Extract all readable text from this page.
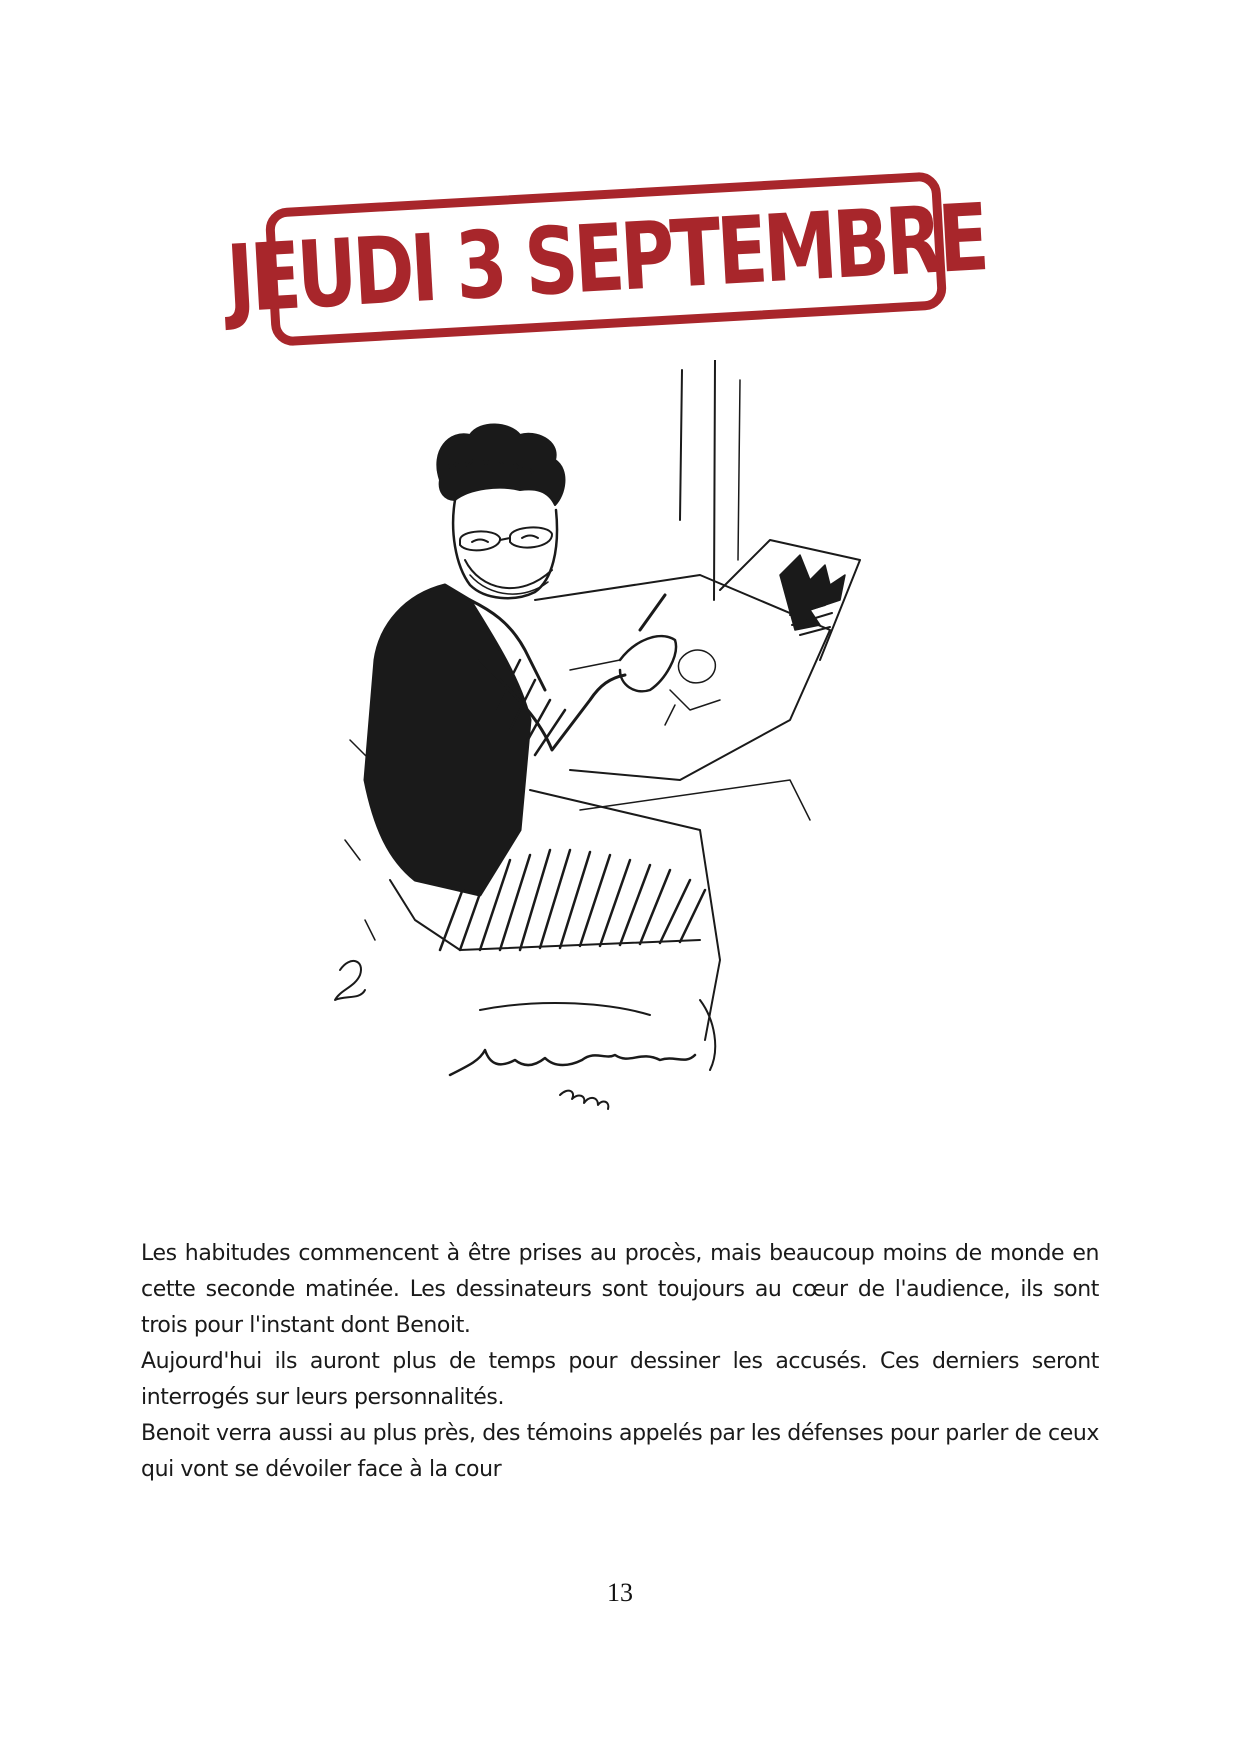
JEUDI 3 SEPTEMBRE
Benoit Peyrucq

Les habitudes commencent à être prises au procès, mais beaucoup moins de monde en cette seconde matinée. Les dessinateurs sont toujours au cœur de l'audience, ils sont trois pour l'instant dont Benoit.

Aujourd'hui ils auront plus de temps pour dessiner les accusés. Ces derniers seront interrogés sur leurs personnalités.

Benoit verra aussi au plus près, des témoins appelés par les défenses pour parler de ceux qui vont se dévoiler face à la cour

13
